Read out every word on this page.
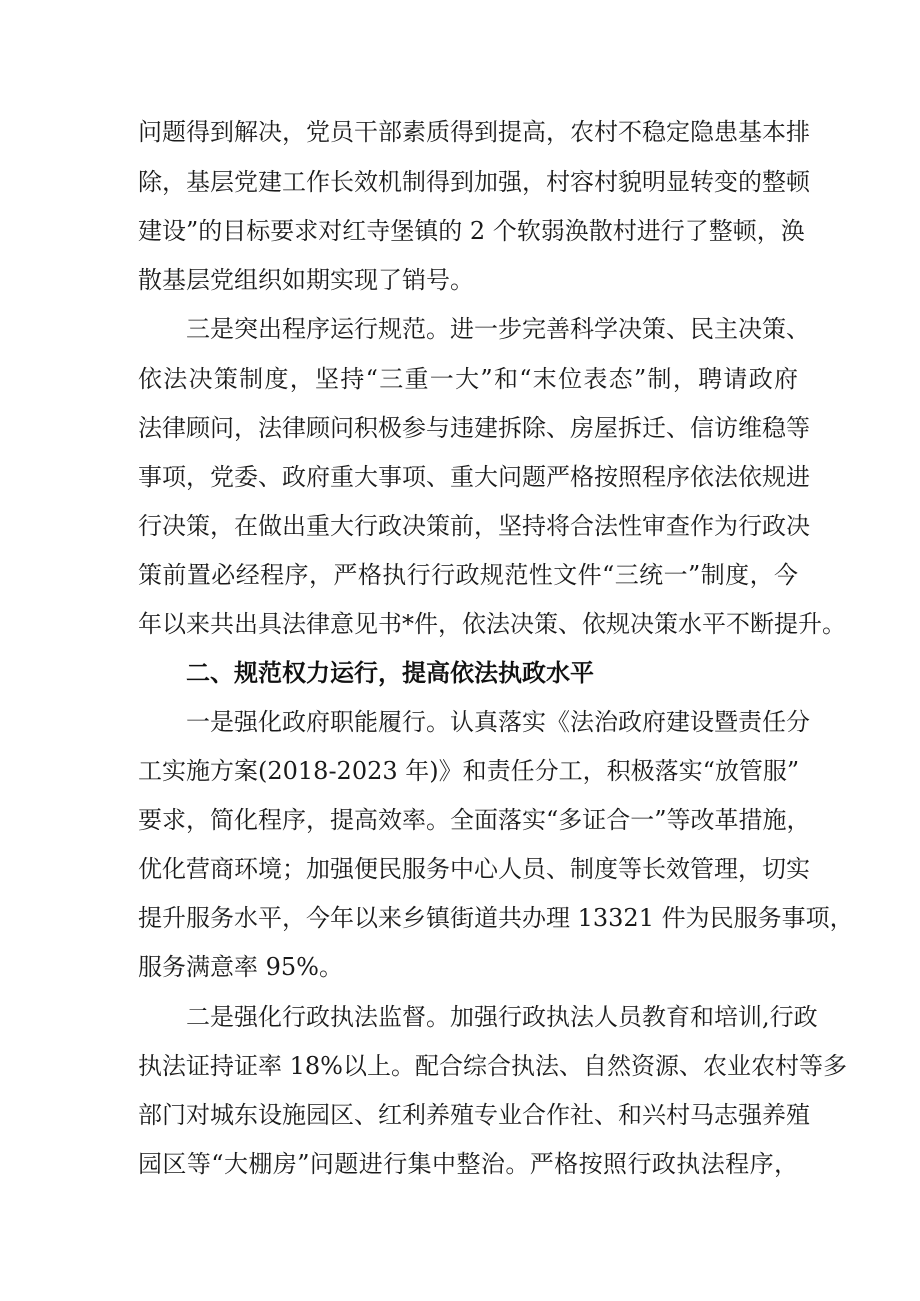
问题得到解决，党员干部素质得到提高，农村不稳定隐患基本排
除，基层党建工作长效机制得到加强，村容村貌明显转变的整顿
建设”的目标要求对红寺堡镇的 2 个软弱涣散村进行了整顿，涣
散基层党组织如期实现了销号。
三是突出程序运行规范。进一步完善科学决策、民主决策、
依法决策制度，坚持“三重一大”和“末位表态”制，聘请政府
法律顾问，法律顾问积极参与违建拆除、房屋拆迁、信访维稳等
事项，党委、政府重大事项、重大问题严格按照程序依法依规进
行决策，在做出重大行政决策前，坚持将合法性审查作为行政决
策前置必经程序，严格执行行政规范性文件“三统一”制度，今
年以来共出具法律意见书*件，依法决策、依规决策水平不断提升。
二、规范权力运行，提高依法执政水平
一是强化政府职能履行。认真落实《法治政府建设暨责任分
工实施方案(2018-2023 年)》和责任分工，积极落实“放管服”
要求，简化程序，提高效率。全面落实“多证合一”等改革措施，
优化营商环境；加强便民服务中心人员、制度等长效管理，切实
提升服务水平，今年以来乡镇街道共办理 13321 件为民服务事项，
服务满意率 95%。
二是强化行政执法监督。加强行政执法人员教育和培训,行政
执法证持证率 18%以上。配合综合执法、自然资源、农业农村等多
部门对城东设施园区、红利养殖专业合作社、和兴村马志强养殖
园区等“大棚房”问题进行集中整治。严格按照行政执法程序，
